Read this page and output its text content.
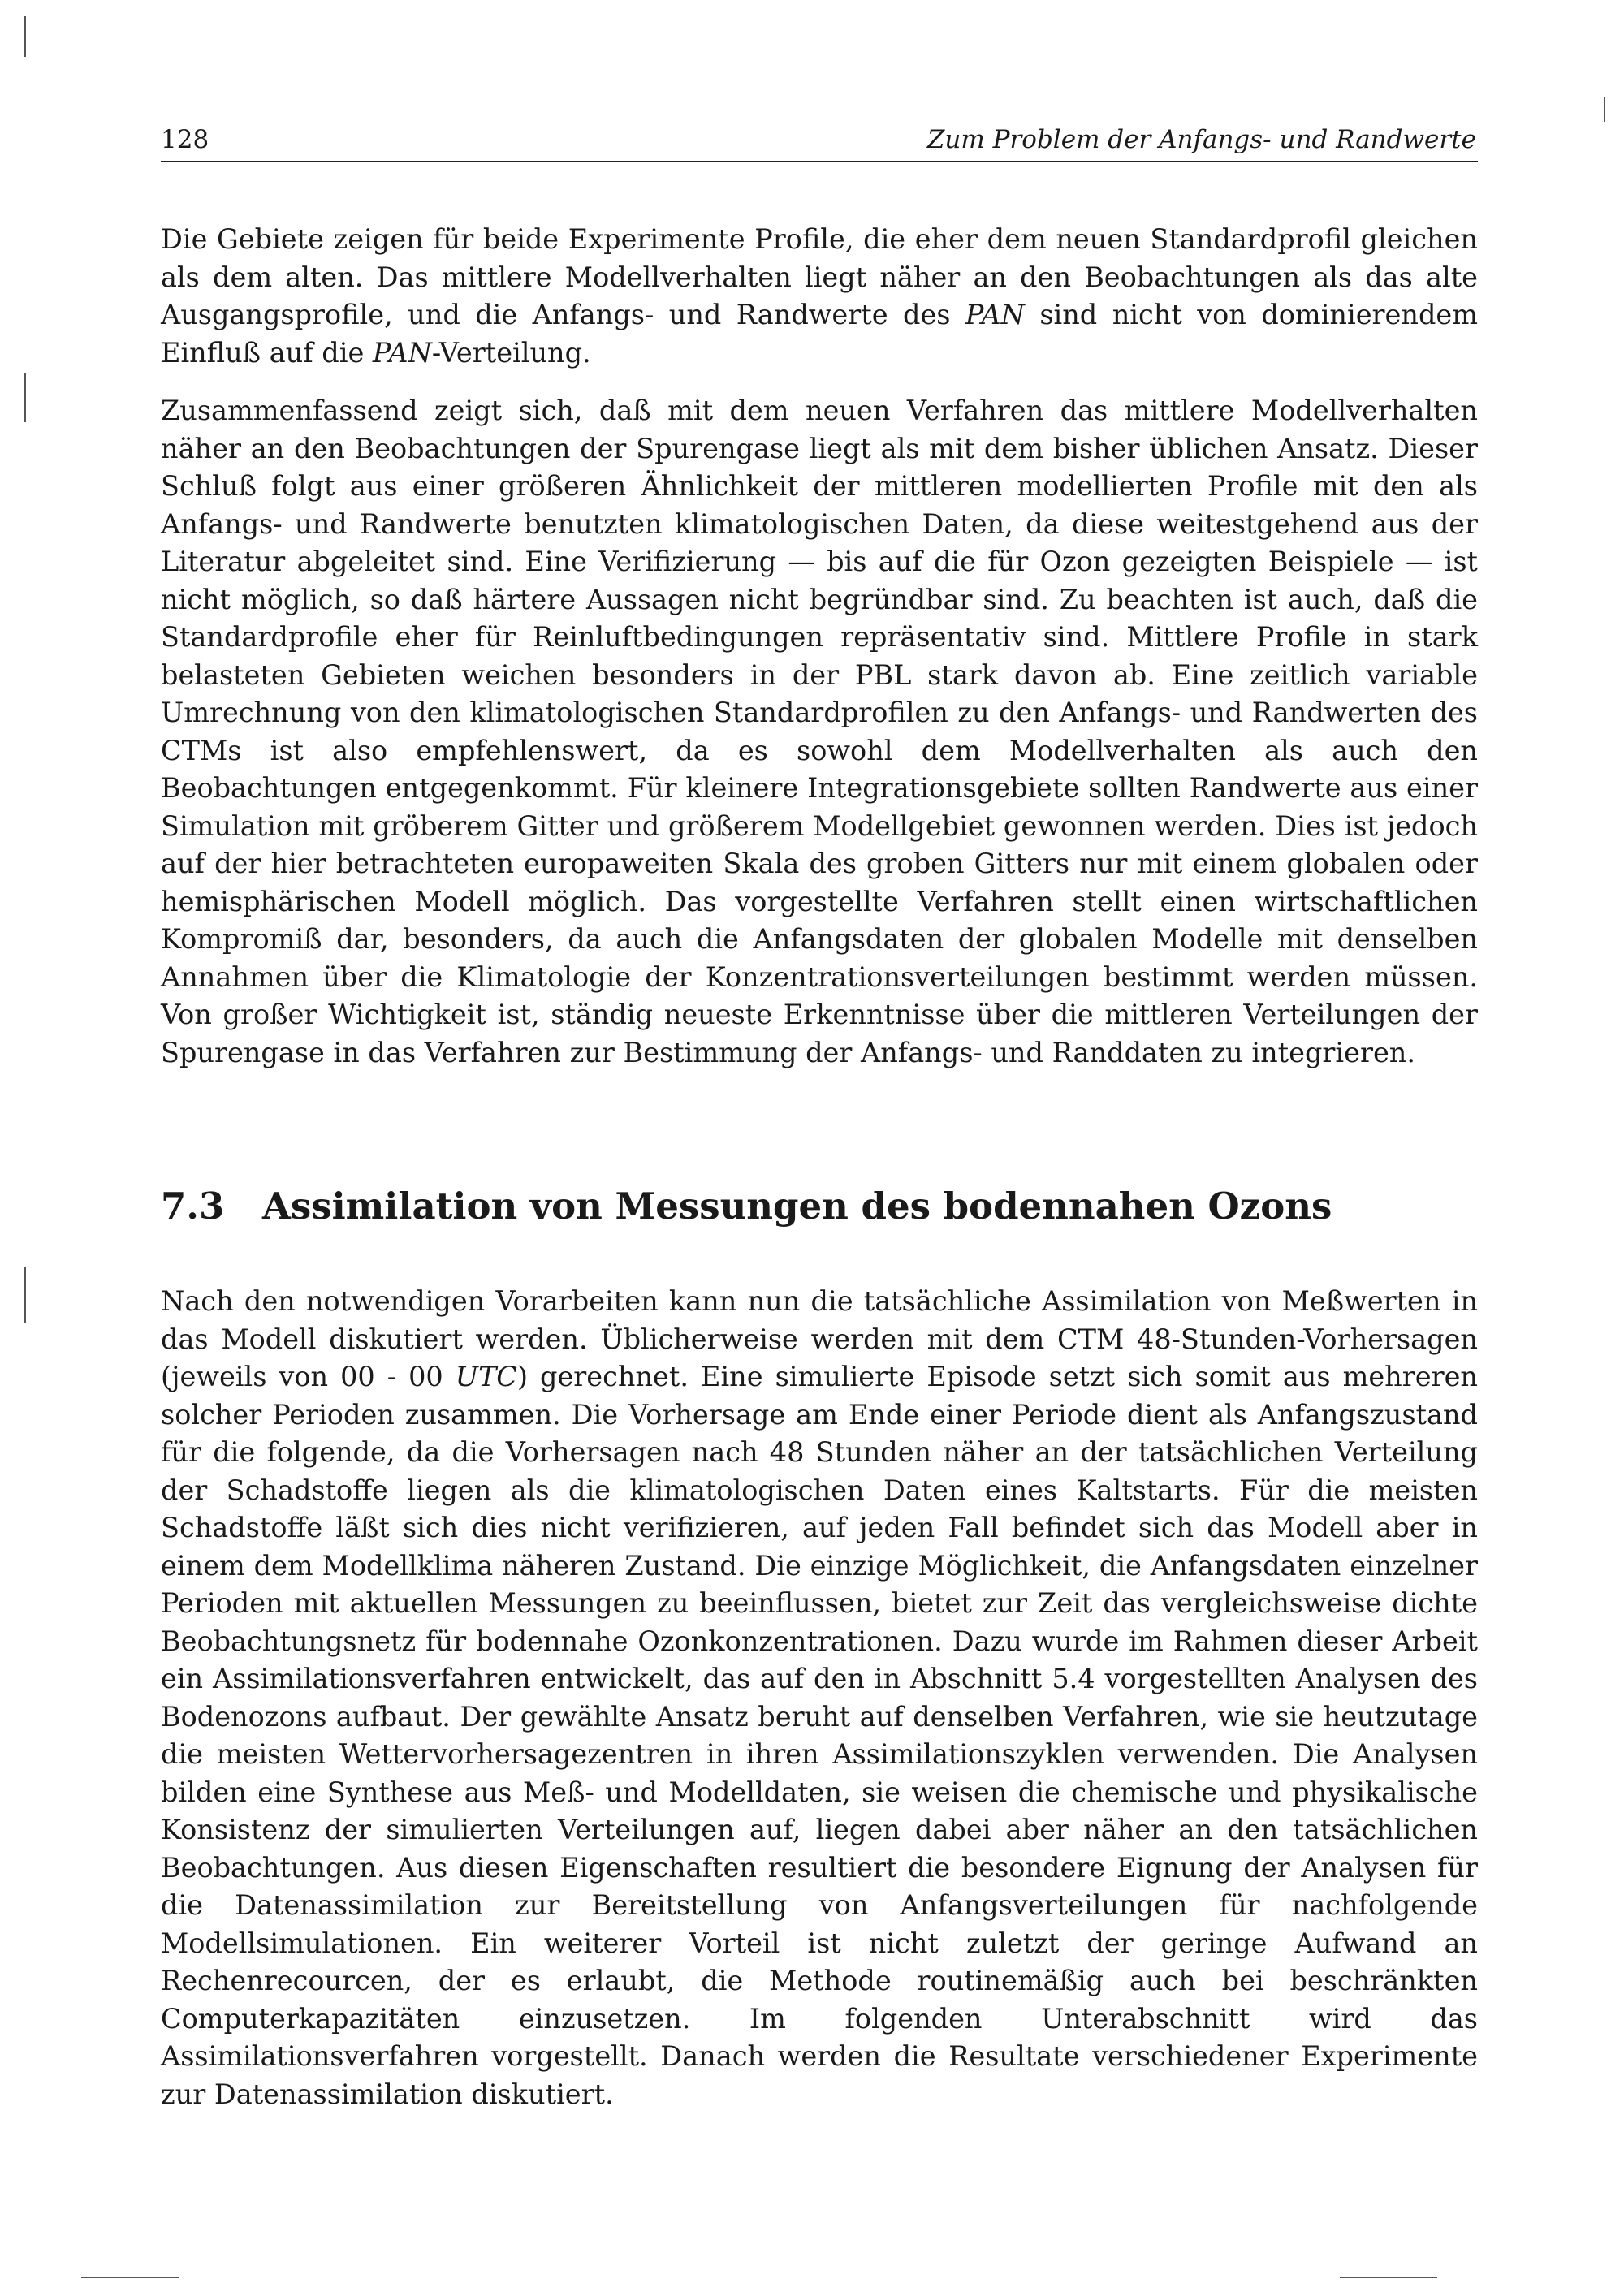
128	Zum Problem der Anfangs- und Randwerte

Die Gebiete zeigen für beide Experimente Profile, die eher dem neuen Standardprofil gleichen als dem alten. Das mittlere Modellverhalten liegt näher an den Beobachtungen als das alte Ausgangsprofile, und die Anfangs- und Randwerte des PAN sind nicht von dominierendem Einfluß auf die PAN-Verteilung.

Zusammenfassend zeigt sich, daß mit dem neuen Verfahren das mittlere Modellverhalten näher an den Beobachtungen der Spurengase liegt als mit dem bisher üblichen Ansatz. Dieser Schluß folgt aus einer größeren Ähnlichkeit der mittleren modellierten Profile mit den als Anfangs- und Randwerte benutzten klimatologischen Daten, da diese weitestgehend aus der Literatur abgeleitet sind. Eine Verifizierung — bis auf die für Ozon gezeigten Beispiele — ist nicht möglich, so daß härtere Aussagen nicht begründbar sind. Zu beachten ist auch, daß die Standardprofile eher für Reinluftbedingungen repräsentativ sind. Mittlere Profile in stark belasteten Gebieten weichen besonders in der PBL stark davon ab. Eine zeitlich variable Umrechnung von den klimatologischen Standardprofilen zu den Anfangs- und Randwerten des CTMs ist also empfehlenswert, da es sowohl dem Modellverhalten als auch den Beobachtungen entgegenkommt. Für kleinere Integrationsgebiete sollten Randwerte aus einer Simulation mit gröberem Gitter und größerem Modellgebiet gewonnen werden. Dies ist jedoch auf der hier betrachteten europaweiten Skala des groben Gitters nur mit einem globalen oder hemisphärischen Modell möglich. Das vorgestellte Verfahren stellt einen wirtschaftlichen Kompromiß dar, besonders, da auch die Anfangsdaten der globalen Modelle mit denselben Annahmen über die Klimatologie der Konzentrationsverteilungen bestimmt werden müssen. Von großer Wichtigkeit ist, ständig neueste Erkenntnisse über die mittleren Verteilungen der Spurengase in das Verfahren zur Bestimmung der Anfangs- und Randdaten zu integrieren.

7.3 Assimilation von Messungen des bodennahen Ozons

Nach den notwendigen Vorarbeiten kann nun die tatsächliche Assimilation von Meßwerten in das Modell diskutiert werden. Üblicherweise werden mit dem CTM 48-Stunden-Vorhersagen (jeweils von 00 - 00 UTC) gerechnet. Eine simulierte Episode setzt sich somit aus mehreren solcher Perioden zusammen. Die Vorhersage am Ende einer Periode dient als Anfangszustand für die folgende, da die Vorhersagen nach 48 Stunden näher an der tatsächlichen Verteilung der Schadstoffe liegen als die klimatologischen Daten eines Kaltstarts. Für die meisten Schadstoffe läßt sich dies nicht verifizieren, auf jeden Fall befindet sich das Modell aber in einem dem Modellklima näheren Zustand. Die einzige Möglichkeit, die Anfangsdaten einzelner Perioden mit aktuellen Messungen zu beeinflussen, bietet zur Zeit das vergleichsweise dichte Beobachtungsnetz für bodennahe Ozonkonzentrationen. Dazu wurde im Rahmen dieser Arbeit ein Assimilationsverfahren entwickelt, das auf den in Abschnitt 5.4 vorgestellten Analysen des Bodenozons aufbaut. Der gewählte Ansatz beruht auf denselben Verfahren, wie sie heutzutage die meisten Wettervorhersagezentren in ihren Assimilationszyklen verwenden. Die Analysen bilden eine Synthese aus Meß- und Modelldaten, sie weisen die chemische und physikalische Konsistenz der simulierten Verteilungen auf, liegen dabei aber näher an den tatsächlichen Beobachtungen. Aus diesen Eigenschaften resultiert die besondere Eignung der Analysen für die Datenassimilation zur Bereitstellung von Anfangsverteilungen für nachfolgende Modellsimulationen. Ein weiterer Vorteil ist nicht zuletzt der geringe Aufwand an Rechenrecourcen, der es erlaubt, die Methode routinemäßig auch bei beschränkten Computerkapazitäten einzusetzen. Im folgenden Unterabschnitt wird das Assimilationsverfahren vorgestellt. Danach werden die Resultate verschiedener Experimente zur Datenassimilation diskutiert.
